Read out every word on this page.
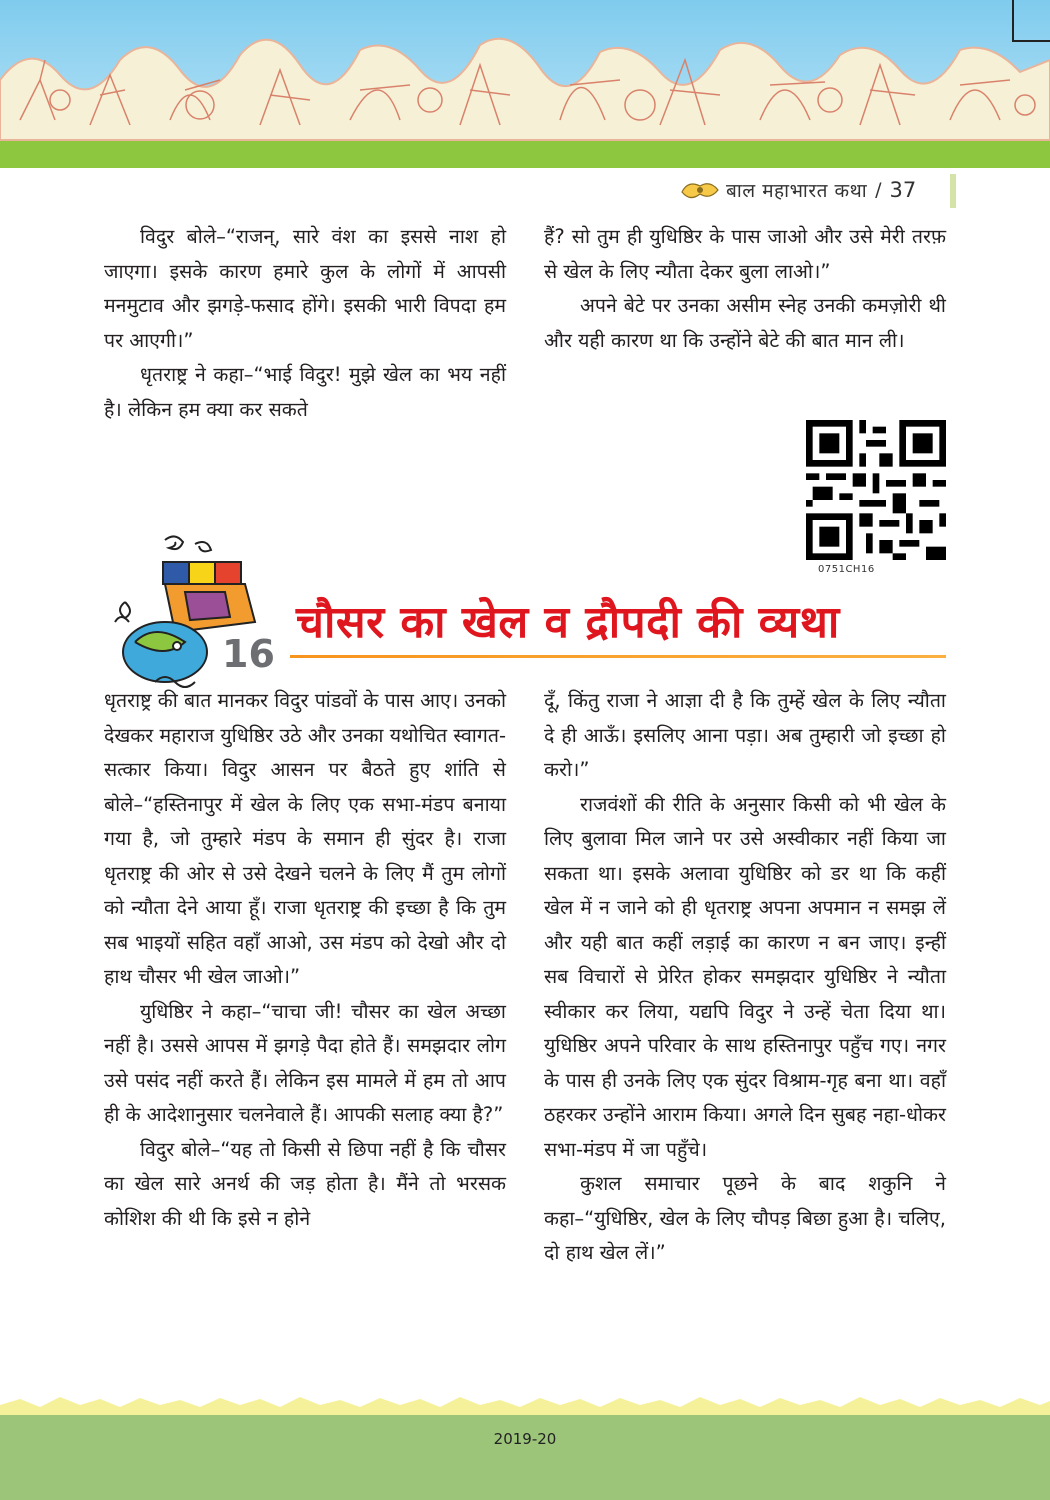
बाल महाभारत कथा / 37

विदुर बोले–“राजन्, सारे वंश का इससे नाश हो जाएगा। इसके कारण हमारे कुल के लोगों में आपसी मनमुटाव और झगड़े-फसाद होंगे। इसकी भारी विपदा हम पर आएगी।”

धृतराष्ट्र ने कहा–“भाई विदुर! मुझे खेल का भय नहीं है। लेकिन हम क्या कर सकते

हैं? सो तुम ही युधिष्ठिर के पास जाओ और उसे मेरी तरफ़ से खेल के लिए न्यौता देकर बुला लाओ।”

अपने बेटे पर उनका असीम स्नेह उनकी कमज़ोरी थी और यही कारण था कि उन्होंने बेटे की बात मान ली।

0751CH16
16
चौसर का खेल व द्रौपदी की व्यथा

धृतराष्ट्र की बात मानकर विदुर पांडवों के पास आए। उनको देखकर महाराज युधिष्ठिर उठे और उनका यथोचित स्वागत-सत्कार किया। विदुर आसन पर बैठते हुए शांति से बोले–“हस्तिनापुर में खेल के लिए एक सभा-मंडप बनाया गया है, जो तुम्हारे मंडप के समान ही सुंदर है। राजा धृतराष्ट्र की ओर से उसे देखने चलने के लिए मैं तुम लोगों को न्यौता देने आया हूँ। राजा धृतराष्ट्र की इच्छा है कि तुम सब भाइयों सहित वहाँ आओ, उस मंडप को देखो और दो हाथ चौसर भी खेल जाओ।”

युधिष्ठिर ने कहा–“चाचा जी! चौसर का खेल अच्छा नहीं है। उससे आपस में झगड़े पैदा होते हैं। समझदार लोग उसे पसंद नहीं करते हैं। लेकिन इस मामले में हम तो आप ही के आदेशानुसार चलनेवाले हैं। आपकी सलाह क्या है?”

विदुर बोले–“यह तो किसी से छिपा नहीं है कि चौसर का खेल सारे अनर्थ की जड़ होता है। मैंने तो भरसक कोशिश की थी कि इसे न होने

दूँ, किंतु राजा ने आज्ञा दी है कि तुम्हें खेल के लिए न्यौता दे ही आऊँ। इसलिए आना पड़ा। अब तुम्हारी जो इच्छा हो करो।”

राजवंशों की रीति के अनुसार किसी को भी खेल के लिए बुलावा मिल जाने पर उसे अस्वीकार नहीं किया जा सकता था। इसके अलावा युधिष्ठिर को डर था कि कहीं खेल में न जाने को ही धृतराष्ट्र अपना अपमान न समझ लें और यही बात कहीं लड़ाई का कारण न बन जाए। इन्हीं सब विचारों से प्रेरित होकर समझदार युधिष्ठिर ने न्यौता स्वीकार कर लिया, यद्यपि विदुर ने उन्हें चेता दिया था। युधिष्ठिर अपने परिवार के साथ हस्तिनापुर पहुँच गए। नगर के पास ही उनके लिए एक सुंदर विश्राम-गृह बना था। वहाँ ठहरकर उन्होंने आराम किया। अगले दिन सुबह नहा-धोकर सभा-मंडप में जा पहुँचे।

कुशल समाचार पूछने के बाद शकुनि ने कहा–“युधिष्ठिर, खेल के लिए चौपड़ बिछा हुआ है। चलिए, दो हाथ खेल लें।”

2019-20
